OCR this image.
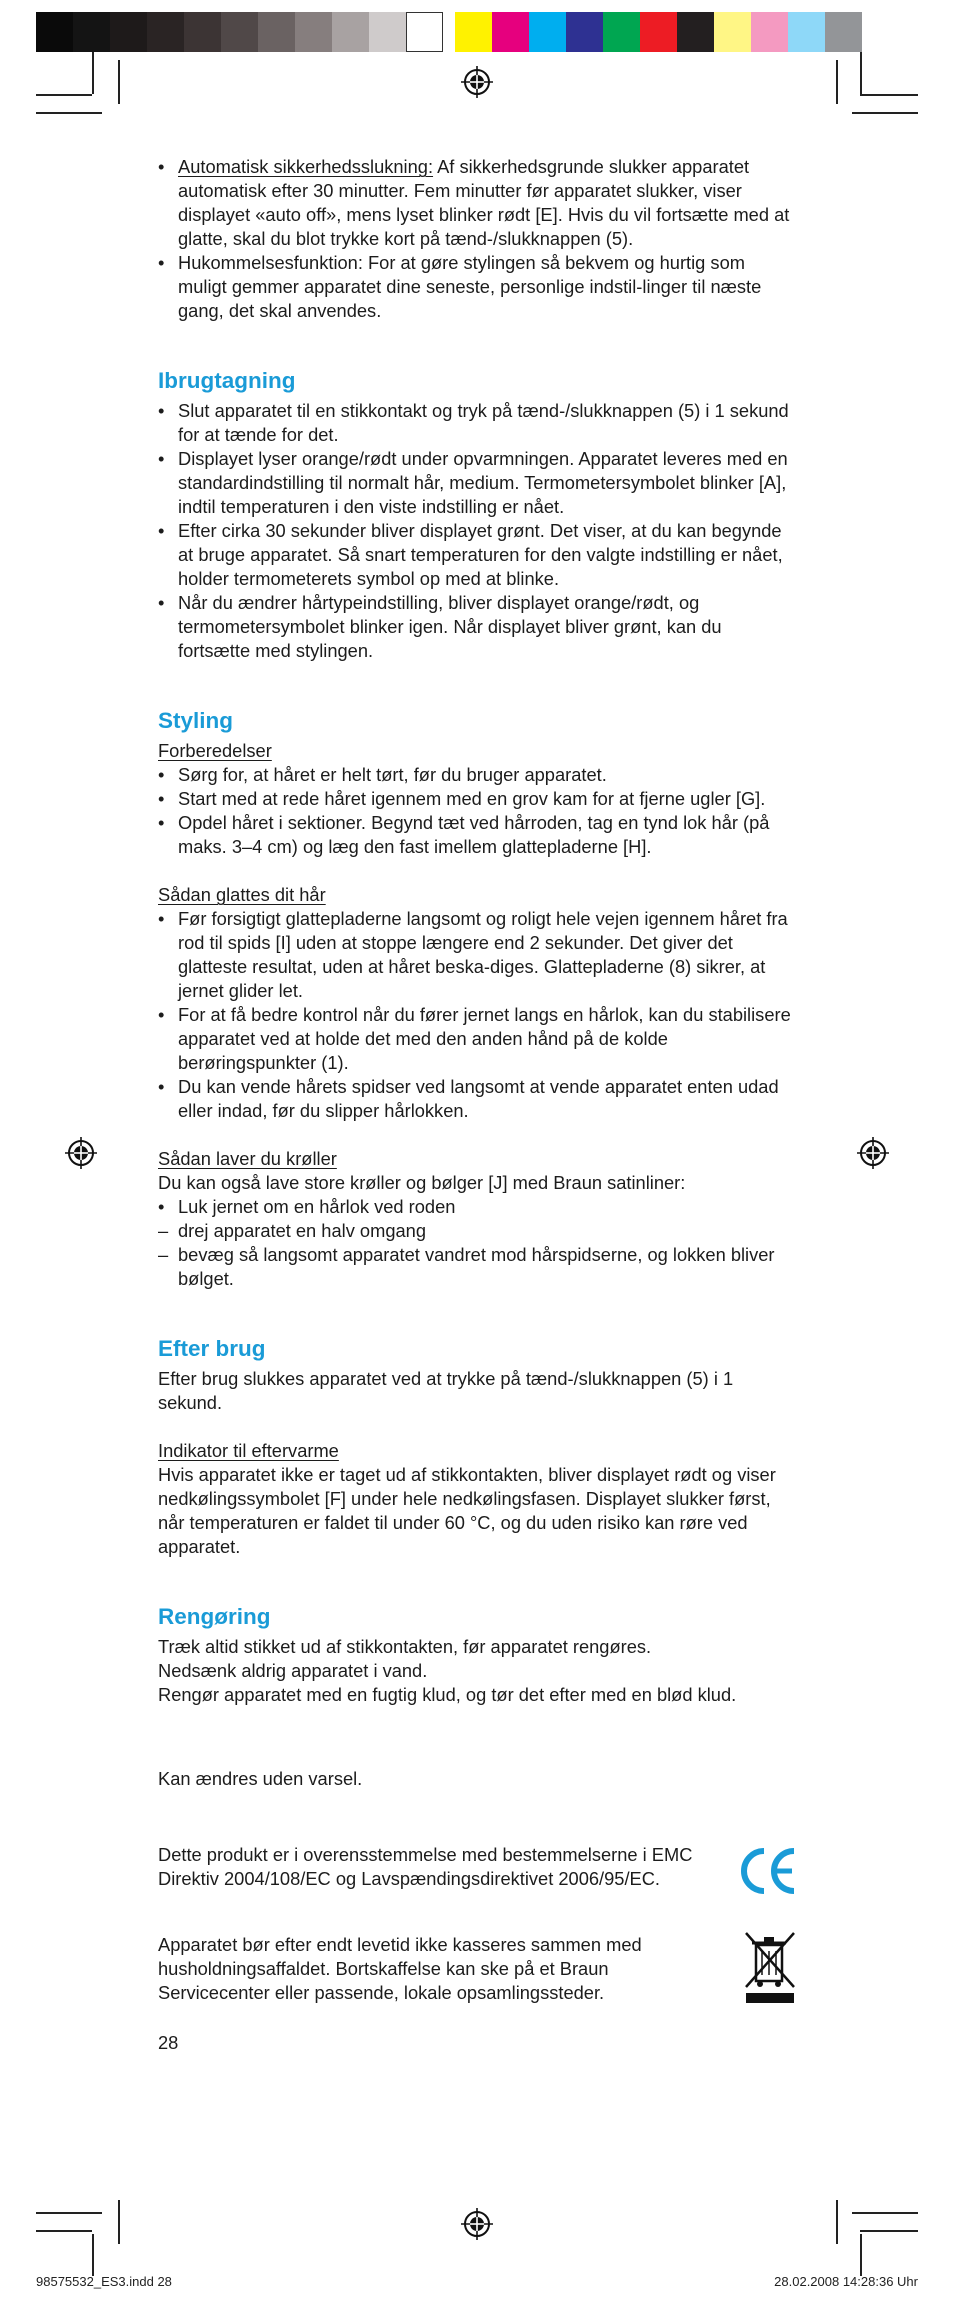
• Automatisk sikkerhedsslukning: Af sikkerhedsgrunde slukker apparatet automatisk efter 30 minutter. Fem minutter før apparatet slukker, viser displayet «auto off», mens lyset blinker rødt [E]. Hvis du vil fortsætte med at glatte, skal du blot trykke kort på tænd-/slukknappen (5).

• Hukommelsesfunktion: For at gøre stylingen så bekvem og hurtig som muligt gemmer apparatet dine seneste, personlige indstil-linger til næste gang, det skal anvendes.

Ibrugtagning

• Slut apparatet til en stikkontakt og tryk på tænd-/slukknappen (5) i 1 sekund for at tænde for det.

• Displayet lyser orange/rødt under opvarmningen. Apparatet leveres med en standardindstilling til normalt hår, medium. Termometersymbolet blinker [A], indtil temperaturen i den viste indstilling er nået.

• Efter cirka 30 sekunder bliver displayet grønt. Det viser, at du kan begynde at bruge apparatet. Så snart temperaturen for den valgte indstilling er nået, holder termometerets symbol op med at blinke.

• Når du ændrer hårtypeindstilling, bliver displayet orange/rødt, og termometersymbolet blinker igen. Når displayet bliver grønt, kan du fortsætte med stylingen.

Styling

Forberedelser

• Sørg for, at håret er helt tørt, før du bruger apparatet.

• Start med at rede håret igennem med en grov kam for at fjerne ugler [G].

• Opdel håret i sektioner. Begynd tæt ved hårroden, tag en tynd lok hår (på maks. 3–4 cm) og læg den fast imellem glattepladerne [H].

Sådan glattes dit hår

• Før forsigtigt glattepladerne langsomt og roligt hele vejen igennem håret fra rod til spids [I] uden at stoppe længere end 2 sekunder. Det giver det glatteste resultat, uden at håret beska-diges. Glattepladerne (8) sikrer, at jernet glider let.

• For at få bedre kontrol når du fører jernet langs en hårlok, kan du stabilisere apparatet ved at holde det med den anden hånd på de kolde berøringspunkter (1).

• Du kan vende hårets spidser ved langsomt at vende apparatet enten udad eller indad, før du slipper hårlokken.

Sådan laver du krøller

Du kan også lave store krøller og bølger [J] med Braun satinliner:

• Luk jernet om en hårlok ved roden

– drej apparatet en halv omgang

– bevæg så langsomt apparatet vandret mod hårspidserne, og lokken bliver bølget.

Efter brug

Efter brug slukkes apparatet ved at trykke på tænd-/slukknappen (5) i 1 sekund.

Indikator til eftervarme

Hvis apparatet ikke er taget ud af stikkontakten, bliver displayet rødt og viser nedkølingssymbolet [F] under hele nedkølingsfasen. Displayet slukker først, når temperaturen er faldet til under 60 °C, og du uden risiko kan røre ved apparatet.

Rengøring

Træk altid stikket ud af stikkontakten, før apparatet rengøres.

Nedsænk aldrig apparatet i vand.

Rengør apparatet med en fugtig klud, og tør det efter med en blød klud.

Kan ændres uden varsel.

Dette produkt er i overensstemmelse med bestemmelserne i EMC Direktiv 2004/108/EC og Lavspændingsdirektivet 2006/95/EC.

Apparatet bør efter endt levetid ikke kasseres sammen med husholdningsaffaldet. Bortskaffelse kan ske på et Braun Servicecenter eller passende, lokale opsamlingssteder.

28

98575532_ES3.indd 28	28.02.2008 14:28:36 Uhr
